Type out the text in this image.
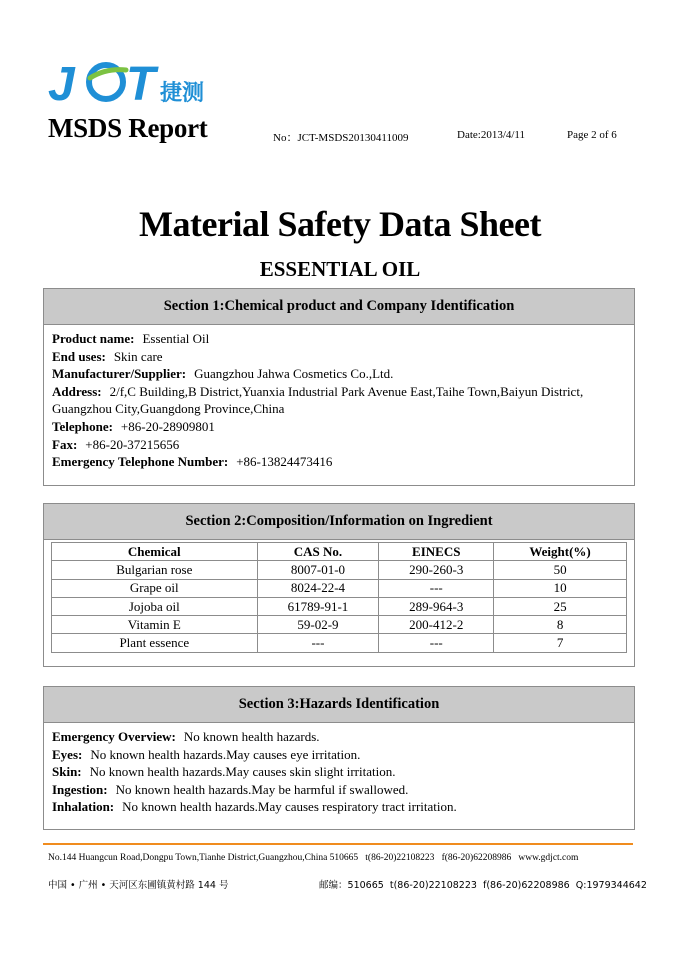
J T 捷测
MSDS Report	No：JCT-MSDS20130411009	Date:2013/4/11	Page 2 of 6
Material Safety Data Sheet
ESSENTIAL OIL
Section 1:Chemical product and Company Identification
Product name: Essential Oil
End uses: Skin care
Manufacturer/Supplier: Guangzhou Jahwa Cosmetics Co.,Ltd.
Address: 2/f,C Building,B District,Yuanxia Industrial Park Avenue East,Taihe Town,Baiyun District, Guangzhou City,Guangdong Province,China
Telephone: +86-20-28909801
Fax: +86-20-37215656
Emergency Telephone Number: +86-13824473416
Section 2:Composition/Information on Ingredient
Chemical	CAS No.	EINECS	Weight(%)
Bulgarian rose	8007-01-0	290-260-3	50
Grape oil	8024-22-4	---	10
Jojoba oil	61789-91-1	289-964-3	25
Vitamin E	59-02-9	200-412-2	8
Plant essence	---	---	7
Section 3:Hazards Identification
Emergency Overview: No known health hazards.
Eyes: No known health hazards.May causes eye irritation.
Skin: No known health hazards.May causes skin slight irritation.
Ingestion: No known health hazards.May be harmful if swallowed.
Inhalation: No known health hazards.May causes respiratory tract irritation.
No.144 Huangcun Road,Dongpu Town,Tianhe District,Guangzhou,China 510665 t(86-20)22108223 f(86-20)62208986 www.gdjct.com
中国 • 广州 • 天河区东圃镇黄村路 144 号	邮编：510665 t(86-20)22108223 f(86-20)62208986 Q:1979344642
